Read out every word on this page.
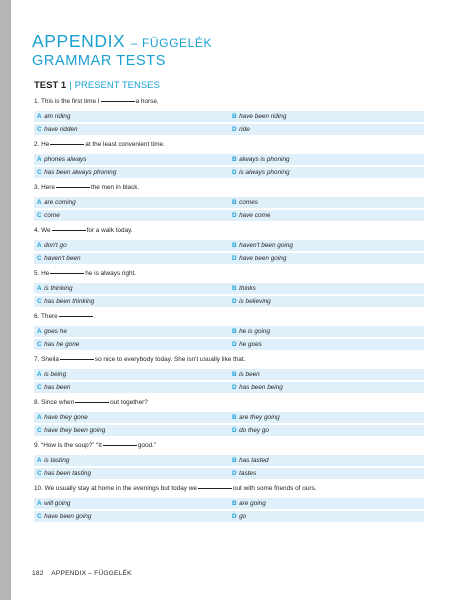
APPENDIX – FÜGGELÉK
GRAMMAR TESTS
TEST 1 | PRESENT TENSES
1. This is the first time I	a horse.
A am riding	B have been riding
C have ridden	D ride
2. He	at the least convenient time.
A phones always	B always is phoning
C has been always phoning	D is always phoning
3. Here	the men in black.
A are coming	B comes
C come	D have come
4. We	for a walk today.
A don't go	B haven't been going
C haven't been	D have been going
5. He	he is always right.
A is thinking	B thinks
C has been thinking	D is believing
6. There	.
A goes he	B he is going
C has he gone	D he goes
7. Sheila	so nice to everybody today. She isn't usually like that.
A is being	B is been
C has been	D has been being
8. Since when	out together?
A have they gone	B are they going
C have they been going	D do they go
9. “How is the soup?” “It	good.”
A is tasting	B has tasted
C has been tasting	D tastes
10. We usually stay at home in the evenings but today we	out with some friends of ours.
A will going	B are going
C have been going	D go
182 APPENDIX – FÜGGELÉK
